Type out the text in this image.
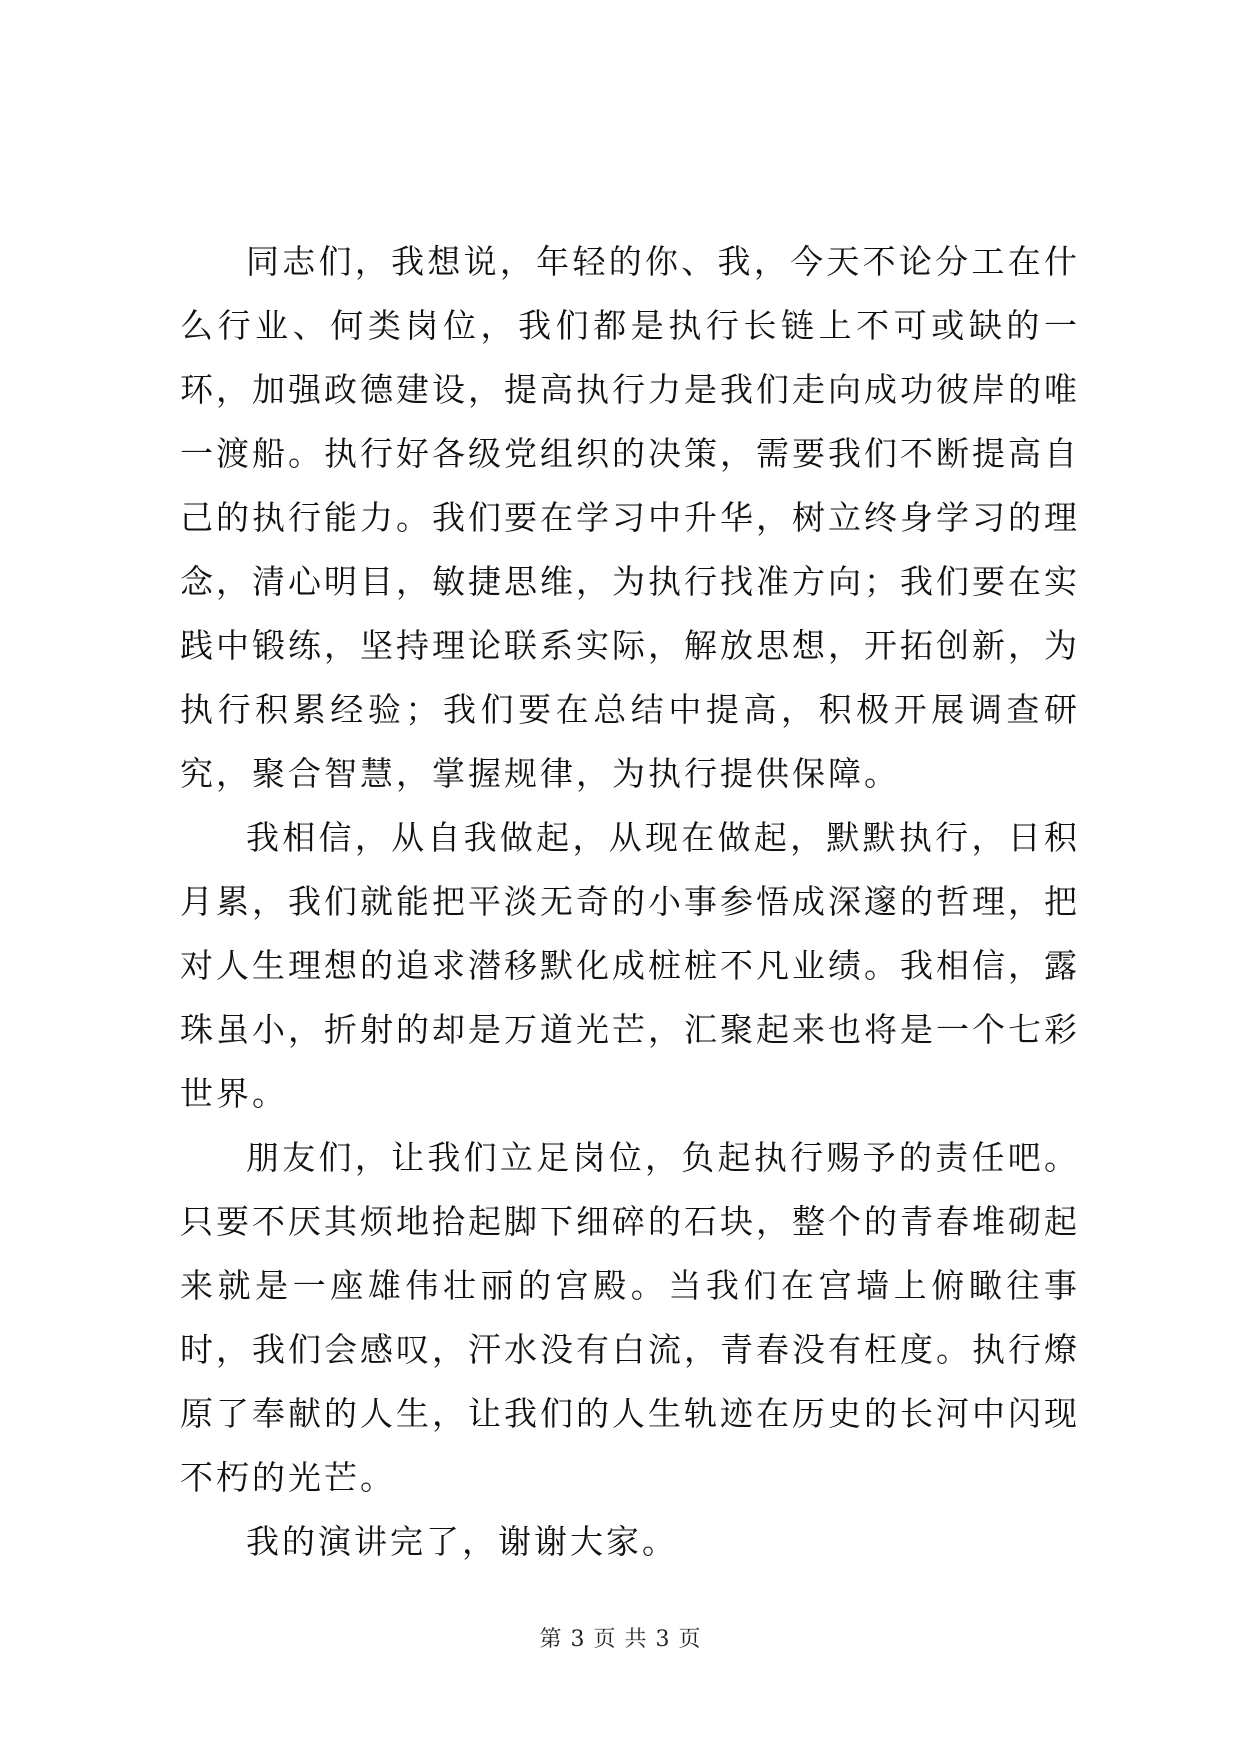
同志们，我想说，年轻的你、我，今天不论分工在什么行业、何类岗位，我们都是执行长链上不可或缺的一环，加强政德建设，提高执行力是我们走向成功彼岸的唯一渡船。执行好各级党组织的决策，需要我们不断提高自己的执行能力。我们要在学习中升华，树立终身学习的理念，清心明目，敏捷思维，为执行找准方向；我们要在实践中锻练，坚持理论联系实际，解放思想，开拓创新，为执行积累经验；我们要在总结中提高，积极开展调查研究，聚合智慧，掌握规律，为执行提供保障。

我相信，从自我做起，从现在做起，默默执行，日积月累，我们就能把平淡无奇的小事参悟成深邃的哲理，把对人生理想的追求潜移默化成桩桩不凡业绩。我相信，露珠虽小，折射的却是万道光芒，汇聚起来也将是一个七彩世界。

朋友们，让我们立足岗位，负起执行赐予的责任吧。只要不厌其烦地拾起脚下细碎的石块，整个的青春堆砌起来就是一座雄伟壮丽的宫殿。当我们在宫墙上俯瞰往事时，我们会感叹，汗水没有白流，青春没有枉度。执行燎原了奉献的人生，让我们的人生轨迹在历史的长河中闪现不朽的光芒。

我的演讲完了，谢谢大家。

第 3 页 共 3 页
